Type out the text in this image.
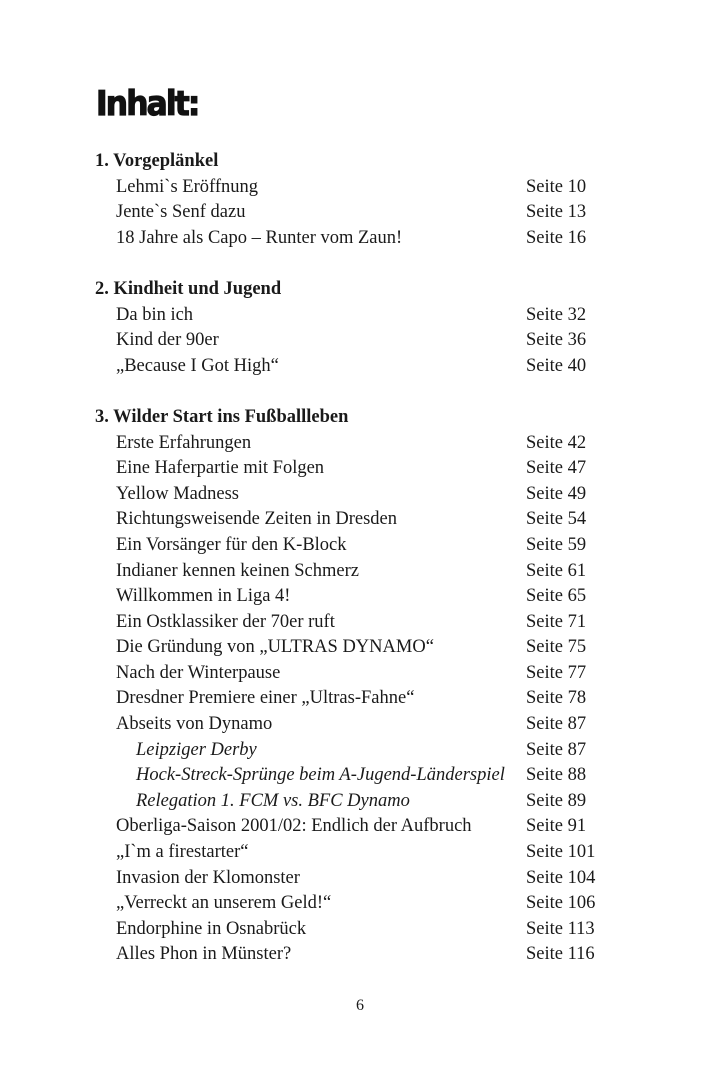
Inhalt:
1. Vorgeplänkel
Lehmi`s Eröffnung	Seite 10
Jente`s Senf dazu	Seite 13
18 Jahre als Capo – Runter vom Zaun!	Seite 16
2. Kindheit und Jugend
Da bin ich	Seite 32
Kind der 90er	Seite 36
„Because I Got High“	Seite 40
3. Wilder Start ins Fußballleben
Erste Erfahrungen	Seite 42
Eine Haferpartie mit Folgen	Seite 47
Yellow Madness	Seite 49
Richtungsweisende Zeiten in Dresden	Seite 54
Ein Vorsänger für den K-Block	Seite 59
Indianer kennen keinen Schmerz	Seite 61
Willkommen in Liga 4!	Seite 65
Ein Ostklassiker der 70er ruft	Seite 71
Die Gründung von „ULTRAS DYNAMO“	Seite 75
Nach der Winterpause	Seite 77
Dresdner Premiere einer „Ultras-Fahne“	Seite 78
Abseits von Dynamo	Seite 87
Leipziger Derby	Seite 87
Hock-Streck-Sprünge beim A-Jugend-Länderspiel Seite 88
Relegation 1. FCM vs. BFC Dynamo	Seite 89
Oberliga-Saison 2001/02: Endlich der Aufbruch	Seite 91
„I`m a firestarter“	Seite 101
Invasion der Klomonster	Seite 104
„Verreckt an unserem Geld!“	Seite 106
Endorphine in Osnabrück	Seite 113
Alles Phon in Münster?	Seite 116
6
